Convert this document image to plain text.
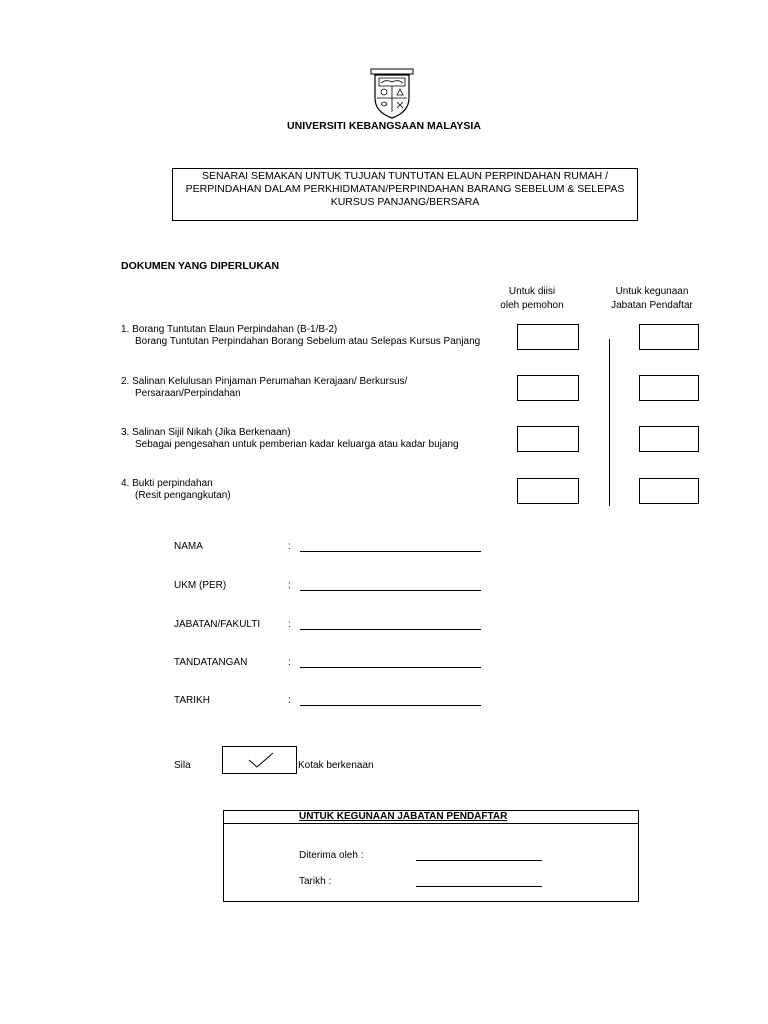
UNIVERSITI KEBANGSAAN MALAYSIA
SENARAI SEMAKAN UNTUK TUJUAN TUNTUTAN ELAUN PERPINDAHAN RUMAH /
PERPINDAHAN DALAM PERKHIDMATAN/PERPINDAHAN BARANG SEBELUM & SELEPAS
KURSUS PANJANG/BERSARA
DOKUMEN YANG DIPERLUKAN
Untuk diisi
oleh pemohon
Untuk kegunaan
Jabatan Pendaftar
1. Borang Tuntutan Elaun Perpindahan (B-1/B-2)
Borang Tuntutan Perpindahan Borang Sebelum atau Selepas Kursus Panjang
2. Salinan Kelulusan Pinjaman Perumahan Kerajaan/ Berkursus/
Persaraan/Perpindahan
3. Salinan Sijil Nikah (Jika Berkenaan)
Sebagai pengesahan untuk pemberian kadar keluarga atau kadar bujang
4. Bukti perpindahan
(Resit pengangkutan)
NAMA	:
UKM (PER)	:
JABATAN/FAKULTI	:
TANDATANGAN	:
TARIKH	:
Sila	Kotak berkenaan
UNTUK KEGUNAAN JABATAN PENDAFTAR
Diterima oleh :
Tarikh :
